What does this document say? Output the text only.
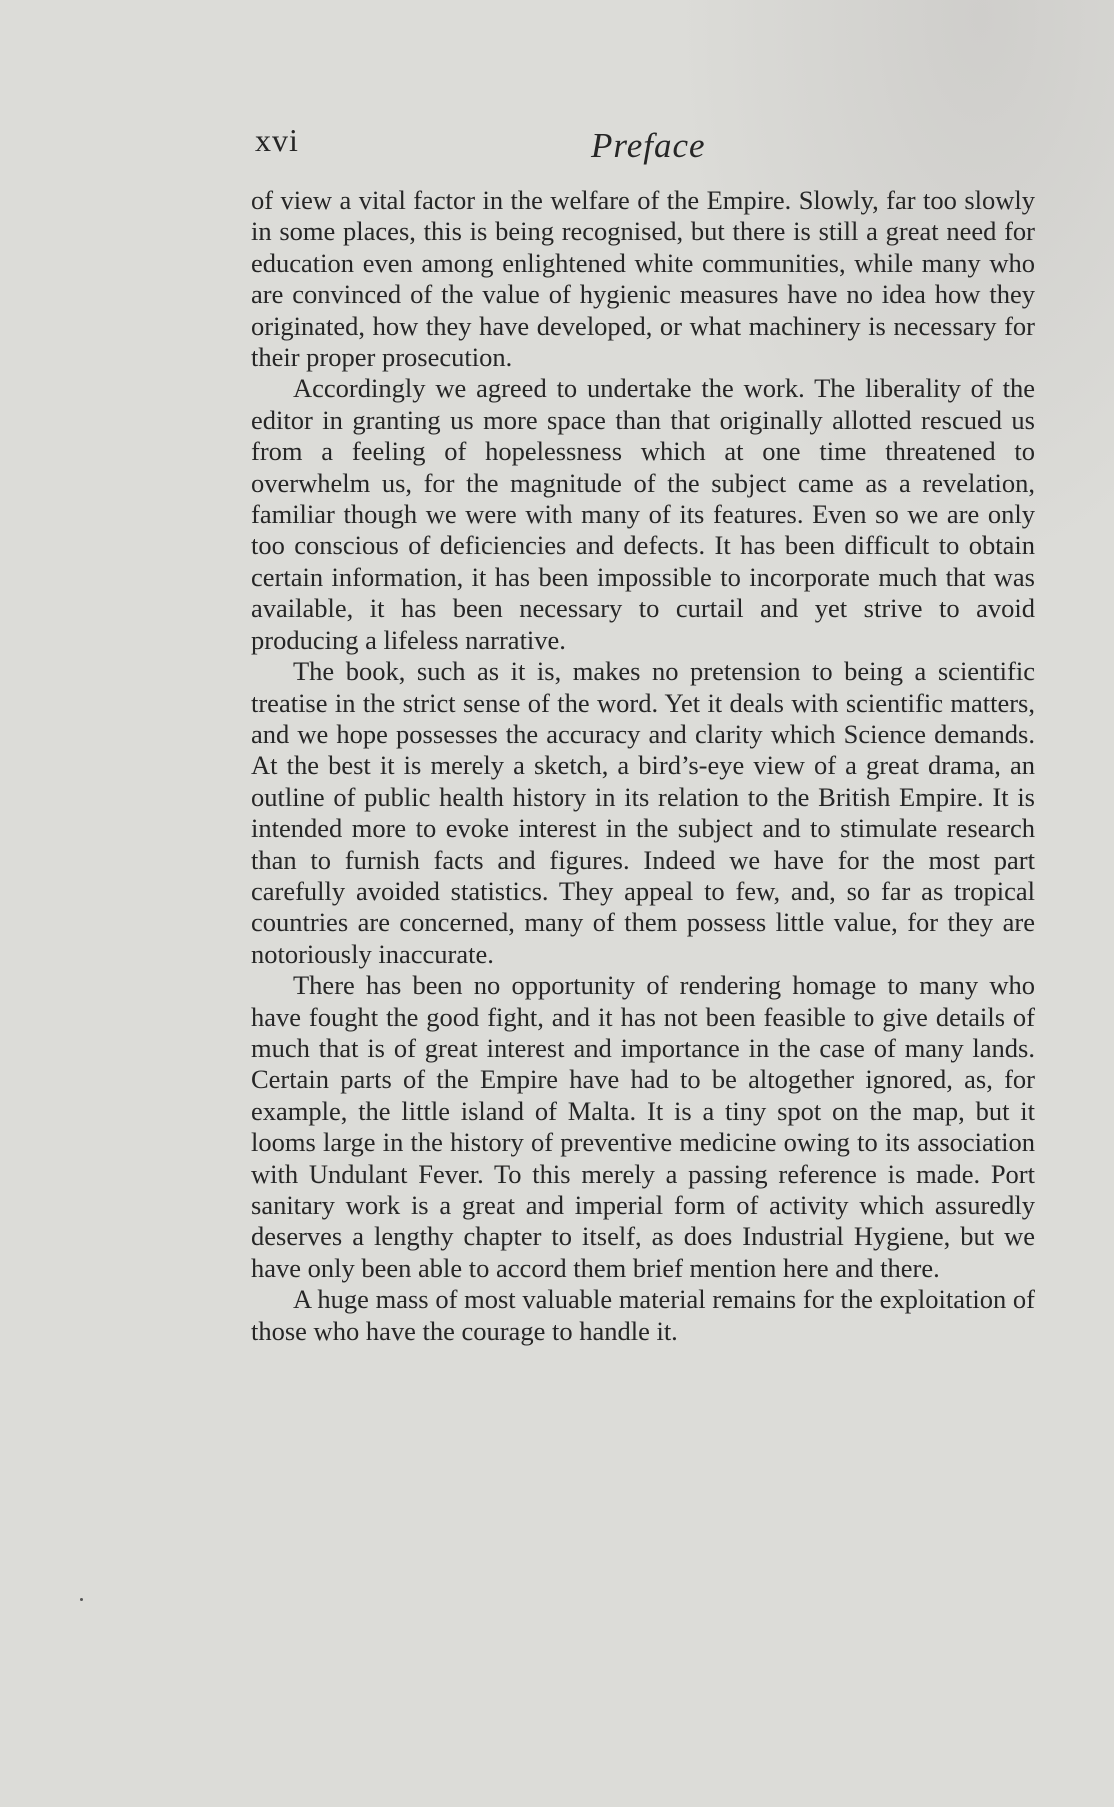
xvi	Preface

of view a vital factor in the welfare of the Empire. Slowly, far too slowly in some places, this is being recognised, but there is still a great need for education even among enlightened white communities, while many who are convinced of the value of hygienic measures have no idea how they originated, how they have developed, or what machinery is necessary for their proper prosecution.

Accordingly we agreed to undertake the work. The liberality of the editor in granting us more space than that originally allotted rescued us from a feeling of hopelessness which at one time threatened to overwhelm us, for the magnitude of the subject came as a revelation, familiar though we were with many of its features. Even so we are only too conscious of deficiencies and defects. It has been difficult to obtain certain information, it has been impossible to incorporate much that was available, it has been necessary to curtail and yet strive to avoid producing a lifeless narrative.

The book, such as it is, makes no pretension to being a scientific treatise in the strict sense of the word. Yet it deals with scientific matters, and we hope possesses the accuracy and clarity which Science demands. At the best it is merely a sketch, a bird’s-eye view of a great drama, an outline of public health history in its relation to the British Empire. It is intended more to evoke interest in the subject and to stimulate research than to furnish facts and figures. Indeed we have for the most part carefully avoided statistics. They appeal to few, and, so far as tropical countries are concerned, many of them possess little value, for they are notoriously inaccurate.

There has been no opportunity of rendering homage to many who have fought the good fight, and it has not been feasible to give details of much that is of great interest and importance in the case of many lands. Certain parts of the Empire have had to be altogether ignored, as, for example, the little island of Malta. It is a tiny spot on the map, but it looms large in the history of preventive medicine owing to its association with Undulant Fever. To this merely a passing reference is made. Port sanitary work is a great and imperial form of activity which assuredly deserves a lengthy chapter to itself, as does Industrial Hygiene, but we have only been able to accord them brief mention here and there.

A huge mass of most valuable material remains for the exploitation of those who have the courage to handle it.
